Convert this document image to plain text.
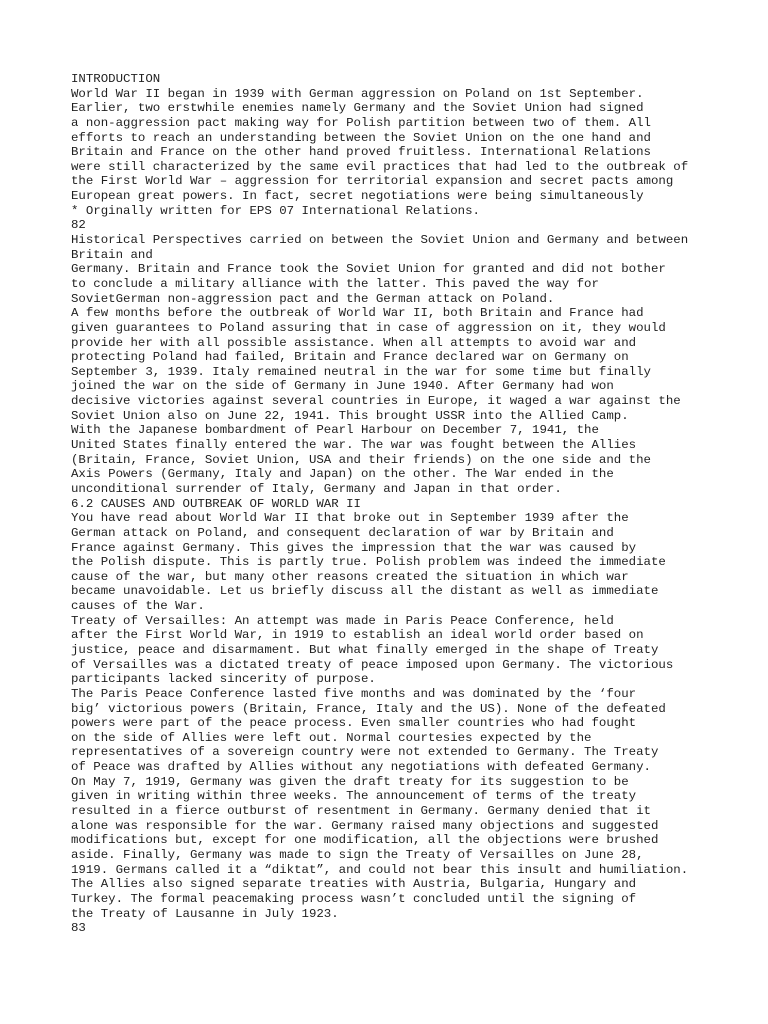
INTRODUCTION
World War II began in 1939 with German aggression on Poland on 1st September.
Earlier, two erstwhile enemies namely Germany and the Soviet Union had signed
a non-aggression pact making way for Polish partition between two of them. All
efforts to reach an understanding between the Soviet Union on the one hand and
Britain and France on the other hand proved fruitless. International Relations
were still characterized by the same evil practices that had led to the outbreak of
the First World War – aggression for territorial expansion and secret pacts among
European great powers. In fact, secret negotiations were being simultaneously
* Orginally written for EPS 07 International Relations.
82
Historical Perspectives carried on between the Soviet Union and Germany and between
Britain and
Germany. Britain and France took the Soviet Union for granted and did not bother
to conclude a military alliance with the latter. This paved the way for
SovietGerman non-aggression pact and the German attack on Poland.
A few months before the outbreak of World War II, both Britain and France had
given guarantees to Poland assuring that in case of aggression on it, they would
provide her with all possible assistance. When all attempts to avoid war and
protecting Poland had failed, Britain and France declared war on Germany on
September 3, 1939. Italy remained neutral in the war for some time but finally
joined the war on the side of Germany in June 1940. After Germany had won
decisive victories against several countries in Europe, it waged a war against the
Soviet Union also on June 22, 1941. This brought USSR into the Allied Camp.
With the Japanese bombardment of Pearl Harbour on December 7, 1941, the
United States finally entered the war. The war was fought between the Allies
(Britain, France, Soviet Union, USA and their friends) on the one side and the
Axis Powers (Germany, Italy and Japan) on the other. The War ended in the
unconditional surrender of Italy, Germany and Japan in that order.
6.2 CAUSES AND OUTBREAK OF WORLD WAR II
You have read about World War II that broke out in September 1939 after the
German attack on Poland, and consequent declaration of war by Britain and
France against Germany. This gives the impression that the war was caused by
the Polish dispute. This is partly true. Polish problem was indeed the immediate
cause of the war, but many other reasons created the situation in which war
became unavoidable. Let us briefly discuss all the distant as well as immediate
causes of the War.
Treaty of Versailles: An attempt was made in Paris Peace Conference, held
after the First World War, in 1919 to establish an ideal world order based on
justice, peace and disarmament. But what finally emerged in the shape of Treaty
of Versailles was a dictated treaty of peace imposed upon Germany. The victorious
participants lacked sincerity of purpose.
The Paris Peace Conference lasted five months and was dominated by the ‘four
big’ victorious powers (Britain, France, Italy and the US). None of the defeated
powers were part of the peace process. Even smaller countries who had fought
on the side of Allies were left out. Normal courtesies expected by the
representatives of a sovereign country were not extended to Germany. The Treaty
of Peace was drafted by Allies without any negotiations with defeated Germany.
On May 7, 1919, Germany was given the draft treaty for its suggestion to be
given in writing within three weeks. The announcement of terms of the treaty
resulted in a fierce outburst of resentment in Germany. Germany denied that it
alone was responsible for the war. Germany raised many objections and suggested
modifications but, except for one modification, all the objections were brushed
aside. Finally, Germany was made to sign the Treaty of Versailles on June 28,
1919. Germans called it a “diktat”, and could not bear this insult and humiliation.
The Allies also signed separate treaties with Austria, Bulgaria, Hungary and
Turkey. The formal peacemaking process wasn’t concluded until the signing of
the Treaty of Lausanne in July 1923.
83
